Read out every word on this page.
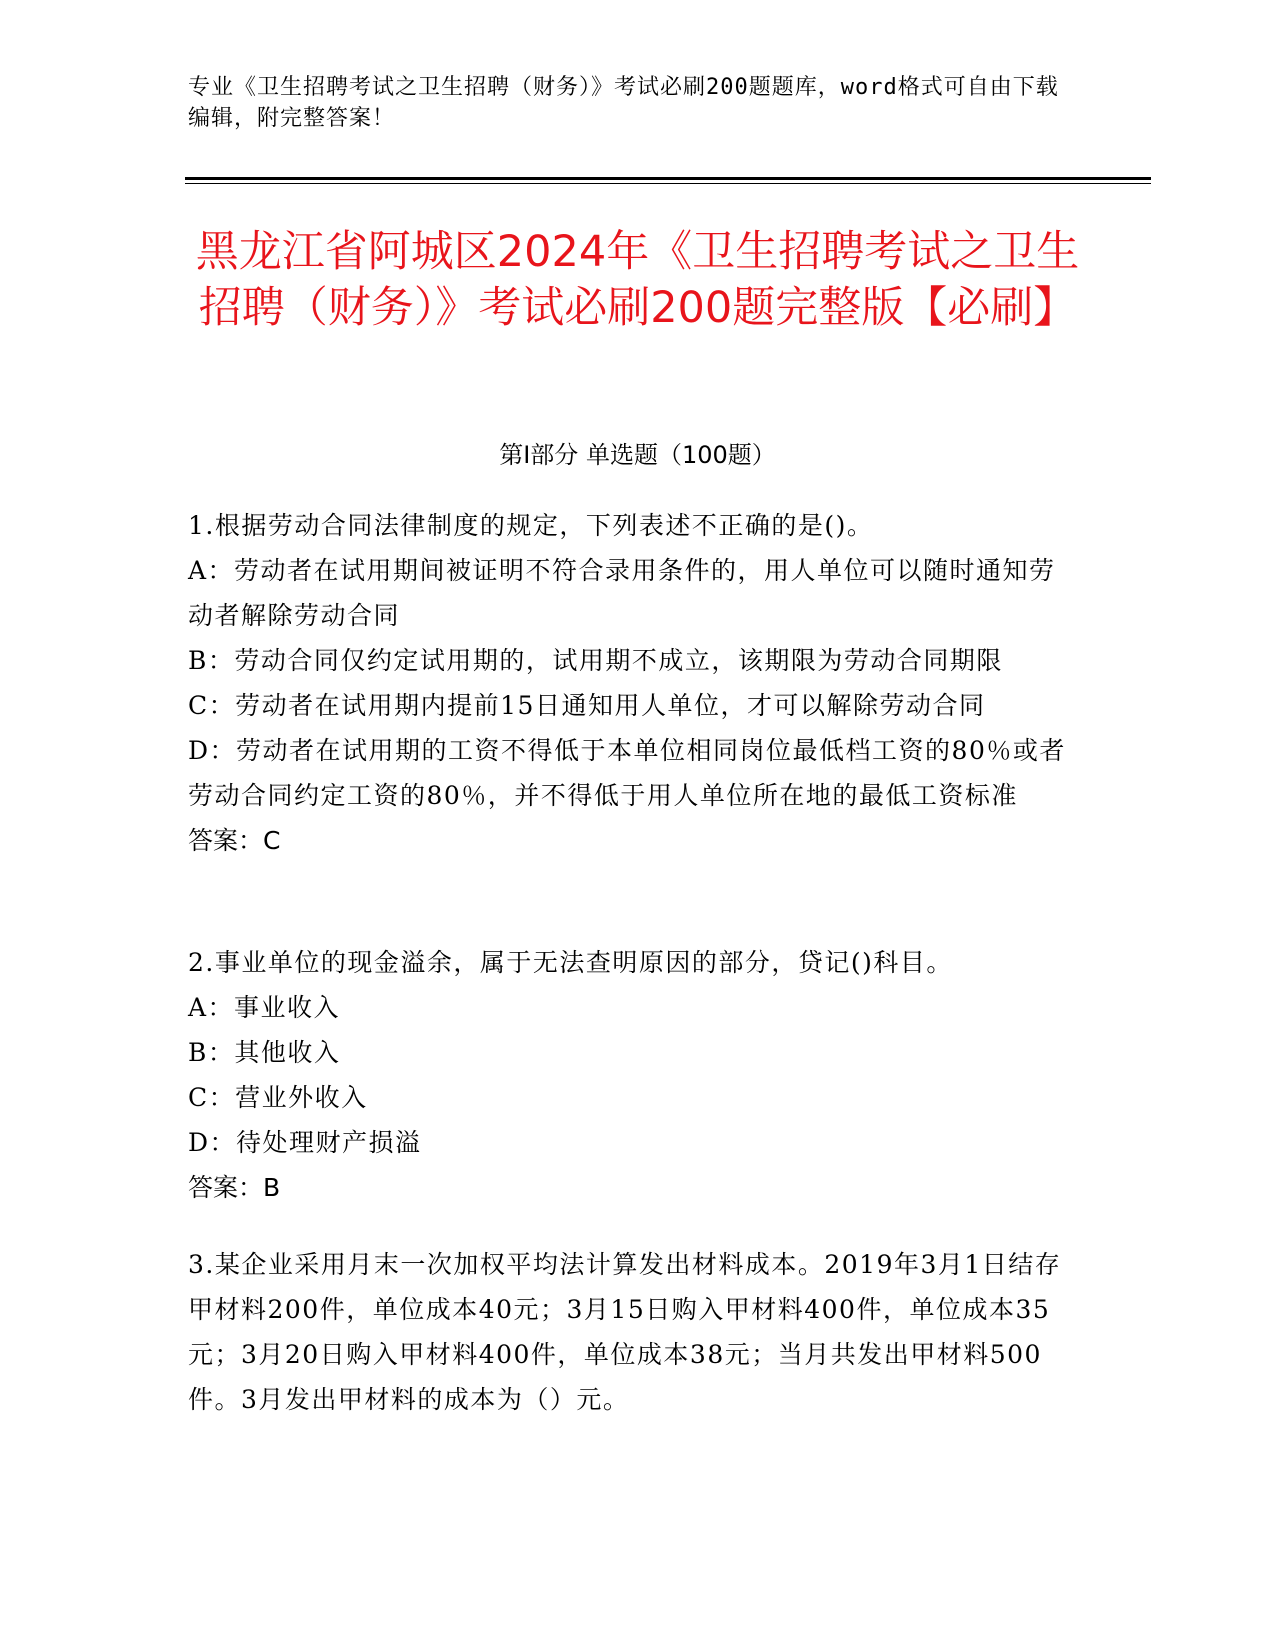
专业《卫生招聘考试之卫生招聘（财务）》考试必刷200题题库，word格式可自由下载编辑，附完整答案！
黑龙江省阿城区2024年《卫生招聘考试之卫生招聘（财务）》考试必刷200题完整版【必刷】
第Ⅰ部分 单选题（100题）
1.根据劳动合同法律制度的规定，下列表述不正确的是()。
A：劳动者在试用期间被证明不符合录用条件的，用人单位可以随时通知劳动者解除劳动合同
B：劳动合同仅约定试用期的，试用期不成立，该期限为劳动合同期限
C：劳动者在试用期内提前15日通知用人单位，才可以解除劳动合同
D：劳动者在试用期的工资不得低于本单位相同岗位最低档工资的80％或者劳动合同约定工资的80％，并不得低于用人单位所在地的最低工资标准
答案：C
2.事业单位的现金溢余，属于无法查明原因的部分，贷记()科目。
A：事业收入
B：其他收入
C：营业外收入
D：待处理财产损溢
答案：B
3.某企业采用月末一次加权平均法计算发出材料成本。2019年3月1日结存甲材料200件，单位成本40元；3月15日购入甲材料400件，单位成本35元；3月20日购入甲材料400件，单位成本38元；当月共发出甲材料500件。3月发出甲材料的成本为（）元。
